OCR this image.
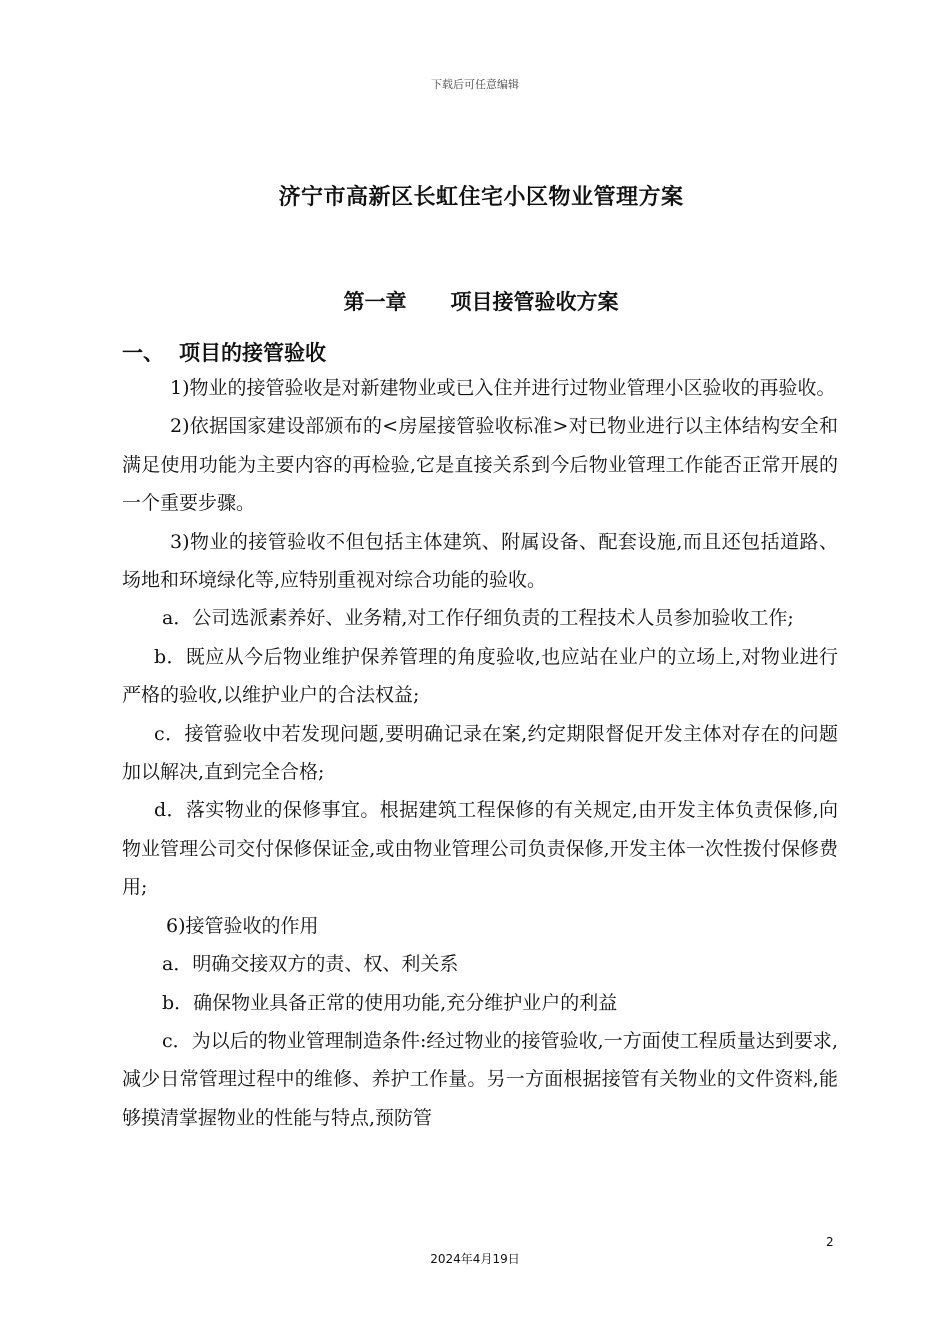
下载后可任意编辑
济宁市高新区长虹住宅小区物业管理方案
第一章 项目接管验收方案
一、 项目的接管验收

1)物业的接管验收是对新建物业或已入住并进行过物业管理小区验收的再验收。

2)依据国家建设部颁布的<房屋接管验收标准>对已物业进行以主体结构安全和满足使用功能为主要内容的再检验,它是直接关系到今后物业管理工作能否正常开展的一个重要步骤。

3)物业的接管验收不但包括主体建筑、附属设备、配套设施,而且还包括道路、场地和环境绿化等,应特别重视对综合功能的验收。

a．公司选派素养好、业务精,对工作仔细负责的工程技术人员参加验收工作;

b．既应从今后物业维护保养管理的角度验收,也应站在业户的立场上,对物业进行严格的验收,以维护业户的合法权益;

c．接管验收中若发现问题,要明确记录在案,约定期限督促开发主体对存在的问题加以解决,直到完全合格;

d．落实物业的保修事宜。根据建筑工程保修的有关规定,由开发主体负责保修,向物业管理公司交付保修保证金,或由物业管理公司负责保修,开发主体一次性拨付保修费用;

6)接管验收的作用

a．明确交接双方的责、权、利关系

b．确保物业具备正常的使用功能,充分维护业户的利益

c．为以后的物业管理制造条件:经过物业的接管验收,一方面使工程质量达到要求,减少日常管理过程中的维修、养护工作量。另一方面根据接管有关物业的文件资料,能够摸清掌握物业的性能与特点,预防管

2
2024年4月19日
